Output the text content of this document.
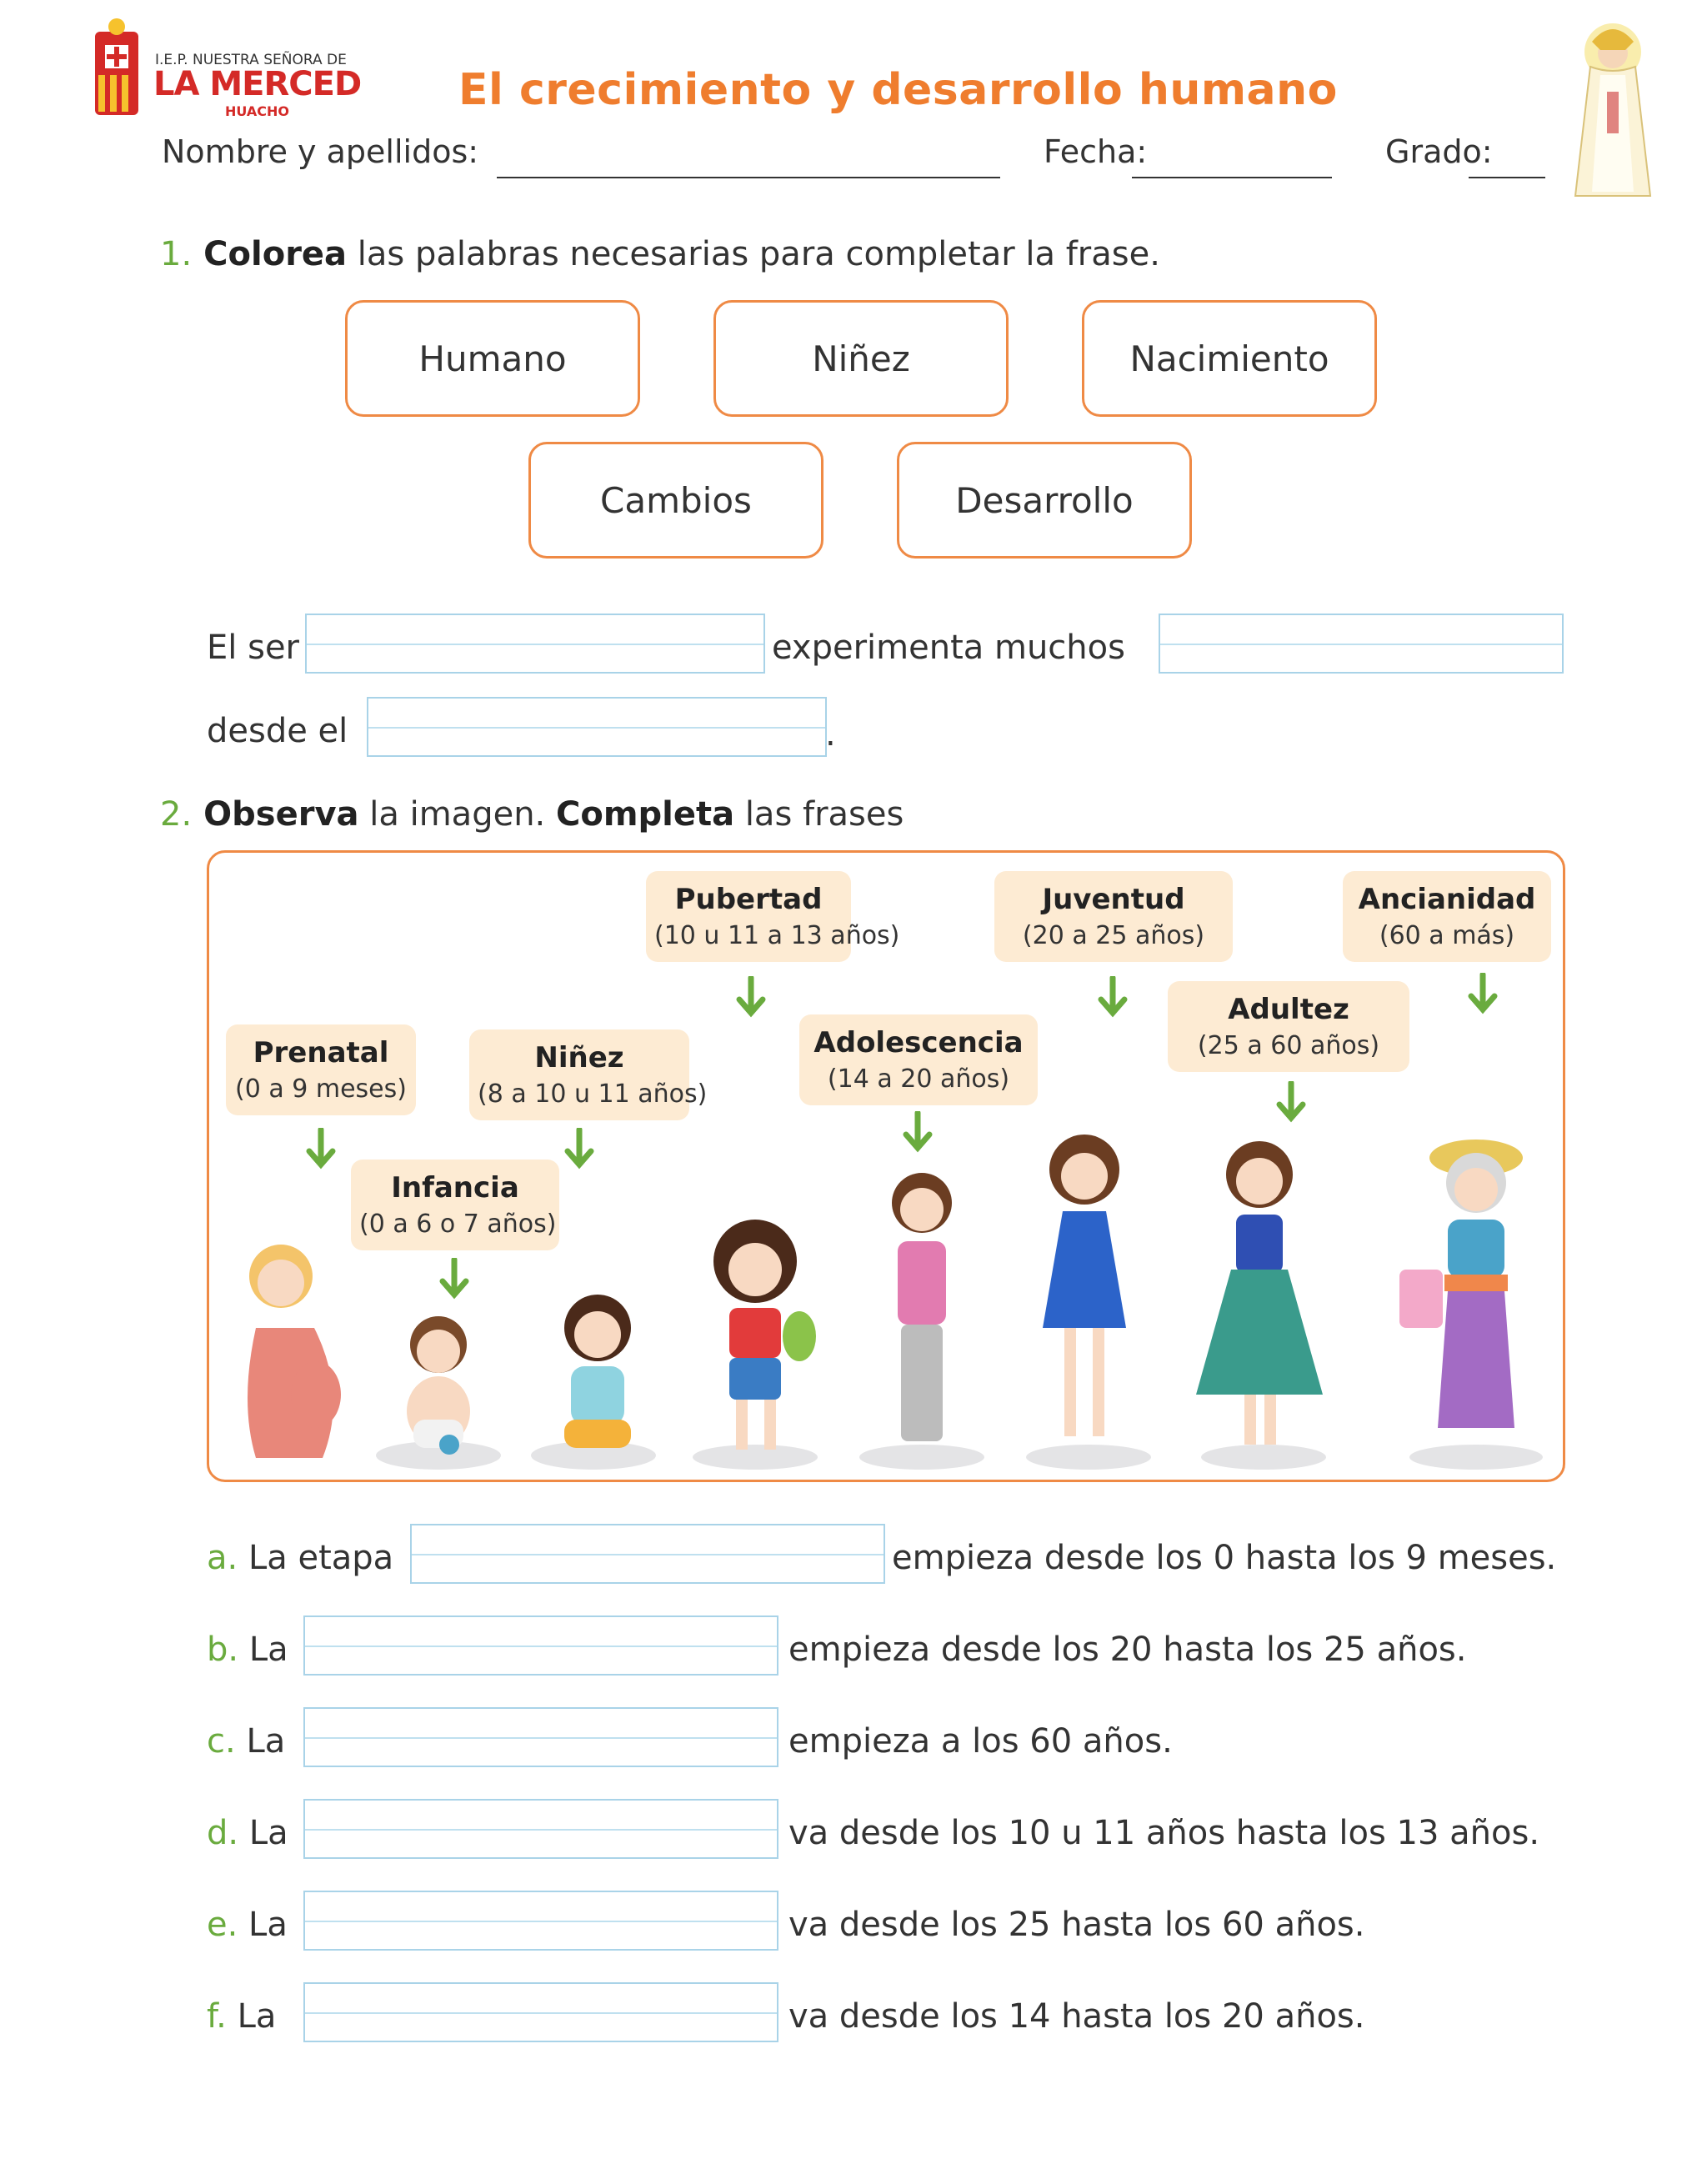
I.E.P. NUESTRA SEÑORA DE
LA MERCED
HUACHO	El crecimiento y desarrollo humano
Nombre y apellidos:	Fecha:	Grado:
1. Colorea las palabras necesarias para completar la frase.
Humano	Niñez	Nacimiento
Cambios	Desarrollo
El ser	experimenta muchos
desde el	.
2. Observa la imagen. Completa las frases
Prenatal
(0 a 9 meses)
Infancia
(0 a 6 o 7 años)
Niñez
(8 a 10 u 11 años)
Pubertad
(10 u 11 a 13 años)
Adolescencia
(14 a 20 años)
Juventud
(20 a 25 años)
Adultez
(25 a 60 años)
Ancianidad
(60 a más)
a. La etapa	empieza desde los 0 hasta los 9 meses.
b. La	empieza desde los 20 hasta los 25 años.
c. La	empieza a los 60 años.
d. La	va desde los 10 u 11 años hasta los 13 años.
e. La	va desde los 25 hasta los 60 años.
f. La	va desde los 14 hasta los 20 años.
